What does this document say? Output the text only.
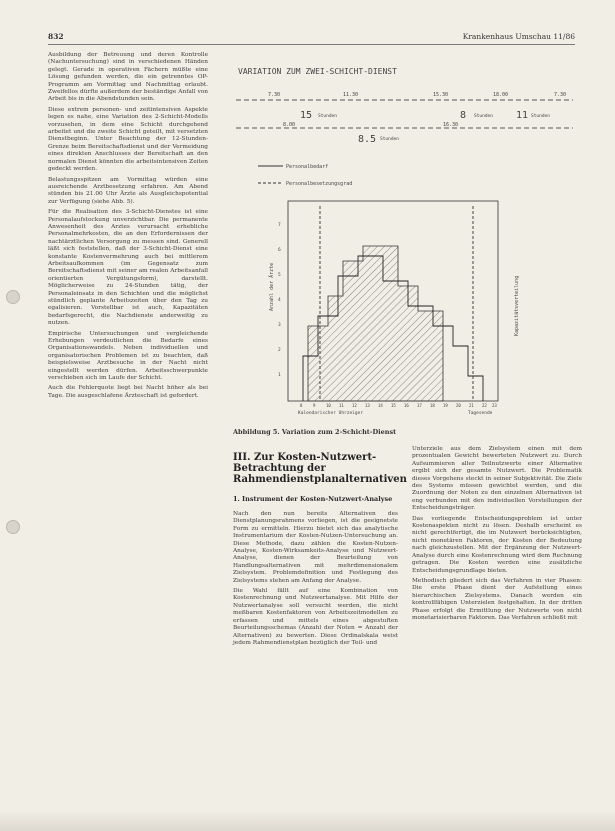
832	Krankenhaus Umschau 11/86

Ausbildung der Betreuung und deren Kontrolle (Nachuntersuchung) sind in verschiedenen Händen gelegt. Gerade in operativen Fächern müßte eine Lösung gefunden werden, die ein getrenntes OP-Programm am Vormittag und Nachmittag erlaubt. Zweifellos dürfte außerdem der beständige Anfall von Arbeit bis in die Abendstunden sein.

Diese extrem personen- und zeitintensiven Aspekte legen es nahe, eine Variation des 2-Schicht-Modells vorzusehen, in dem eine Schicht durchgehend arbeitet und die zweite Schicht geteilt, mit versetzten Dienstbeginn. Unter Beachtung der 12-Stunden-Grenze beim Bereitschaftsdienst und der Vermeidung eines direkten Anschlusses der Bereitschaft an den normalen Dienst könnten die arbeitsintensiven Zeiten gedeckt werden.

Belastungsspitzen am Vormittag würden eine ausreichende Arztbesetzung erfahren. Am Abend stünden bis 21.00 Uhr Ärzte als Ausgleichspotential zur Verfügung (siehe Abb. 5).

Für die Realisation des 3-Schicht-Dienstes ist eine Personalaufstockung unverzichtbar. Die permanente Anwesenheit des Arztes verursacht erhebliche Personalmehrkosten, die an den Erfordernissen der nachtärztlichen Versorgung zu messen sind. Generell läßt sich feststellen, daß der 3-Schicht-Dienst eine konstante Kostenvermehrung auch bei mittlerem Arbeitsaufkommen (im Gegensatz zum Bereitschaftsdienst mit seiner am realen Arbeitsanfall orientierten Vergütungsform), darstellt. Möglicherweise zu 24-Stunden tätig, der Personaleinsatz in den Schichten und die möglichst stündlich geplante Arbeitszeiten über den Tag zu egalisieren. Vorstellbar ist auch, Kapazitäten bedarfsgerecht, die Nachdienste anderweitig zu nutzen.

Empirische Untersuchungen und vergleichende Erhebungen verdeutlichen die Bedarfe eines Organisationswandels. Neben individuellen und organisatorischen Problemen ist zu beachten, daß beispielsweise Arztbesuche in der Nacht nicht eingestellt werden dürfen. Arbeitsschwerpunkte verschieben sich im Laufe der Schicht.

Auch die Fehlerquote liegt bei Nacht höher als bei Tage. Die ausgeschlafene Ärzteschaft ist gefordert.

VARIATION ZUM ZWEI-SCHICHT-DIENST
7.30	11.30	15.30	18.00	7.30
8.00	16.30
15 Stunden	8 Stunden 11 Stunden
8.5 Stunden
Personalbedarf
Personalbesetzungsgrad
Anzahl der Ärzte	Kapazitätsverteilung
Kalendarischer Uhrzeiger	Tagesende
1
2
3
4
5
6
7
8	9	10 11 12 13 14 15 16 17 18 19 20 21 22 23
Abbildung 5. Variation zum 2-Schicht-Dienst
III. Zur Kosten-Nutzwert-Betrachtung der Rahmendienstplanalternativen
1. Instrument der Kosten-Nutzwert-Analyse

Nach den nun bereits Alternativen des Dienstplanungsrahmens vorliegen, ist die geeignetste Form zu ermitteln. Hierzu bietet sich das analytische Instrumentarium der Kosten-Nutzen-Untersuchung an. Diese Methode, dazu zählen die Kosten-Nutzen-Analyse, Kosten-Wirksamkeits-Analyse und Nutzwert-Analyse, dienen der Beurteilung von Handlungsalternativen mit mehrdimensionalem Zielsystem. Problemdefinition und Festlegung des Zielsystems stehen am Anfang der Analyse.

Die Wahl fällt auf eine Kombination von Kostenrechnung und Nutzwertanalyse. Mit Hilfe der Nutzwertanalyse soll versucht werden, die nicht meßbaren Kostenfaktoren von Arbeitszeitmodellen zu erfassen und mittels eines abgestuften Beurteilungsschemas (Anzahl der Noten = Anzahl der Alternativen) zu bewerten. Diese Ordinalskala weist jedem Rahmendienstplan bezüglich der Teil- und

Unterziele aus dem Zielsystem einen mit dem prozentualen Gewicht bewerteten Nutzwert zu. Durch Aufsummieren aller Teilnutzwerte einer Alternative ergibt sich der gesamte Nutzwert. Die Problematik dieses Vorgehens steckt in seiner Subjektivität. Die Ziele des Systems müssen gewichtet werden, und die Zuordnung der Noten zu den einzelnen Alternativen ist eng verbunden mit den individuellen Vorstellungen der Entscheidungsträger.

Das vorliegende Entscheidungsproblem ist unter Kostenaspekten nicht zu lösen. Deshalb erscheint es nicht gerechtfertigt, die im Nutzwert berücksichtigten, nicht monetären Faktoren, der Kosten der Bedeutung nach gleichzustellen. Mit der Ergänzung der Nutzwert-Analyse durch eine Kostenrechnung wird dem Rechnung getragen. Die Kosten werden eine zusätzliche Entscheidungsgrundlage bieten.

Methodisch gliedert sich das Verfahren in vier Phasen: Die erste Phase dient der Aufstellung eines hierarchischen Zielsystems. Danach werden ein kontrollfähigen Unterzielen festgehalten. In der dritten Phase erfolgt die Ermittlung der Nutzwerte von nicht monetarisierbaren Faktoren. Das Verfahren schließt mit
